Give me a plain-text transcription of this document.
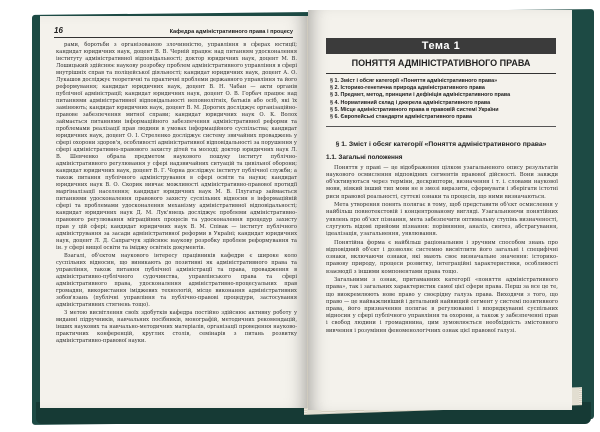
16	Кафедра адміністративного права і процесу

рами, боротьби з організованою злочинністю, управління в сферах юстиції; кандидат юридичних наук, доцент В. В. Черній працює над питанням удосконалення інституту адміністративної відповідальності; доктор юридичних наук, доцент М. В. Лошицький здійснює наукову розробку проблем адміністративного управління в сфері внутрішніх справ та поліцейської діяльності; кандидат юридичних наук, доцент А. О. Лукашов досліджує теоретичні та практичні проблеми державного управління та його реформування; кандидат юридичних наук, доцент В. Н. Чабан — акти органів публічної адміністрації; кандидат юридичних наук, доцент О. В. Горбач працює над питаннями адміністративної відповідальності неповнолітніх, батьків або осіб, які їх замінюють; кандидат юридичних наук, доцент В. М. Дорогих досліджує організаційно-правове забезпечення митної справи; кандидат юридичних наук О. К. Волох займається питаннями інформаційного забезпечення адміністративної реформи та проблемами реалізації прав людини в умовах інформаційного суспільства; кандидат юридичних наук, доцент О. І. Стреленко досліджує систему звичайних проваджень у сфері охорони здоров'я, особливості адміністративної відповідальності за порушення у сфері адміністративно-правового захисту дітей та молоді; доктор юридичних наук Л. В. Шевченко обрала предметом наукового пошуку інститут публічно-адміністративного регулювання у сфері надзвичайних ситуацій та цивільної оборони; кандидат юридичних наук, доцент В. Г. Чорна досліджує інститут публічної служби; а також питання публічного адміністрування в сфері освіти та науки; кандидат юридичних наук В. О. Скорик вивчає можливості адміністративно-правової протидії маргіналізації населення; кандидат юридичних наук М. В. Плугатар займається питаннями удосконалення правового захисту суспільних відносин в інформаційній сфері та проблемами удосконалення механізму адміністративної відповідальності; кандидат юридичних наук Д. М. Лук'янець досліджує проблеми адміністративно-правового регулювання міграційних процесів та удосконалення процедур захисту прав у цій сфері; кандидат юридичних наук В. М. Співак — інститут публічного адміністрування за засади адміністративної реформи в Україні; кандидат юридичних наук, доцент Л. Д. Сапрагчук здійснює наукову розробку проблем реформування та ін. у сфері вищої освіти та іміджу освітніх документів.

Взагалі, об'єктом наукового інтересу працівників кафедри є широке коло суспільних відносин, що виникають до позитивні як адміністративного права та управління, також питання публічної адміністрації та права, провадження в адміністративно-публічного судочинства, управлінського права та сфері адміністративного права, удосконалення адміністративно-процесуальних прав громадян, використання іміджевих технологій, місце виконання адміністративних зобов'язань (публічні управління та публічно-правові процедури, застосування адміністративних стягнень тощо).

З метою висвітлення своїх здобутків кафедра постійно здійснює активну роботу у виданні підручників, навчальних посібників, монографій, методичних рекомендацій, інших наукових та навчально-методичних матеріалів, організації проведення науково-практичних конференцій, круглих столів, семінарів з питань розвитку адміністративно-правової науки.

Тема 1
ПОНЯТТЯ АДМІНІСТРАТИВНОГО ПРАВА
§ 1. Зміст і обсяг категорії «Поняття адміністративного права»
§ 2. Історико-генетична природа адміністративного права
§ 3. Предмет, метод, принципи і дефініція адміністративного права
§ 4. Нормативний склад і джерела адміністративного права
§ 5. Місце адміністративного права в правовій системі України
§ 6. Європейські стандарти адміністративного права
§ 1. Зміст і обсяг категорії «Поняття адміністративного права»
1.1. Загальні положення

Поняття у праві — це відображення цілком узагальненого опису результатів наукового осмислення відповідних сегментів правової дійсності. Вони завжди об'єктивуються через терміни, дескриптори, визначення і т. і. словами наукової мови, ніякий інший тип мови не в змозі виразити, сформувати і зберігати істотні риси правової реальності, суттєві ознаки та процесів, що ними визначаються.

Мета утворення понять полягає в тому, щоб представити об'єкт осмислення у найбільш повнотекстовій і концентрованому вигляді. Узагальнюючи понятійних уявлень про об'єкт пізнання, мета забезпечити оптимальну ступінь визначеності, слугують відомі прийоми пізнання: порівняння, аналіз, синтез, абстрагування, ідеалізація, узагальнення, уявлювання.

Понятійна форма є найбільш раціональним і зручним способом знань про відповідний об'єкт і дозволяє системно висвітлити його загальні і специфічні ознаки, включаючи ознаки, які мають своє визначальне значення: історико-правову природу, процеси розвитку, інтеграційні характеристики, особливості взаємодії з іншими компонентами права тощо.

Загальними з ознак, притаманних категорії «поняття адміністративного права», так і загальних характеристик самої цієї сфери права. Перш за все це те, що виокремлюють нове право у своєрідну галузь права. Виходячи з того, що право — це найважливіший і детальний найвищий сегмент у системі позитивного права, його призначення полягає в регулюванні і впорядкуванні суспільних відносин у сфері публічного управління та охорони, а також у забезпеченні прав і свобод людини і громадянина, цим зумовлюється необхідність змістовного вивчення і розуміння феноменологічних ознак цієї правової галузі.
